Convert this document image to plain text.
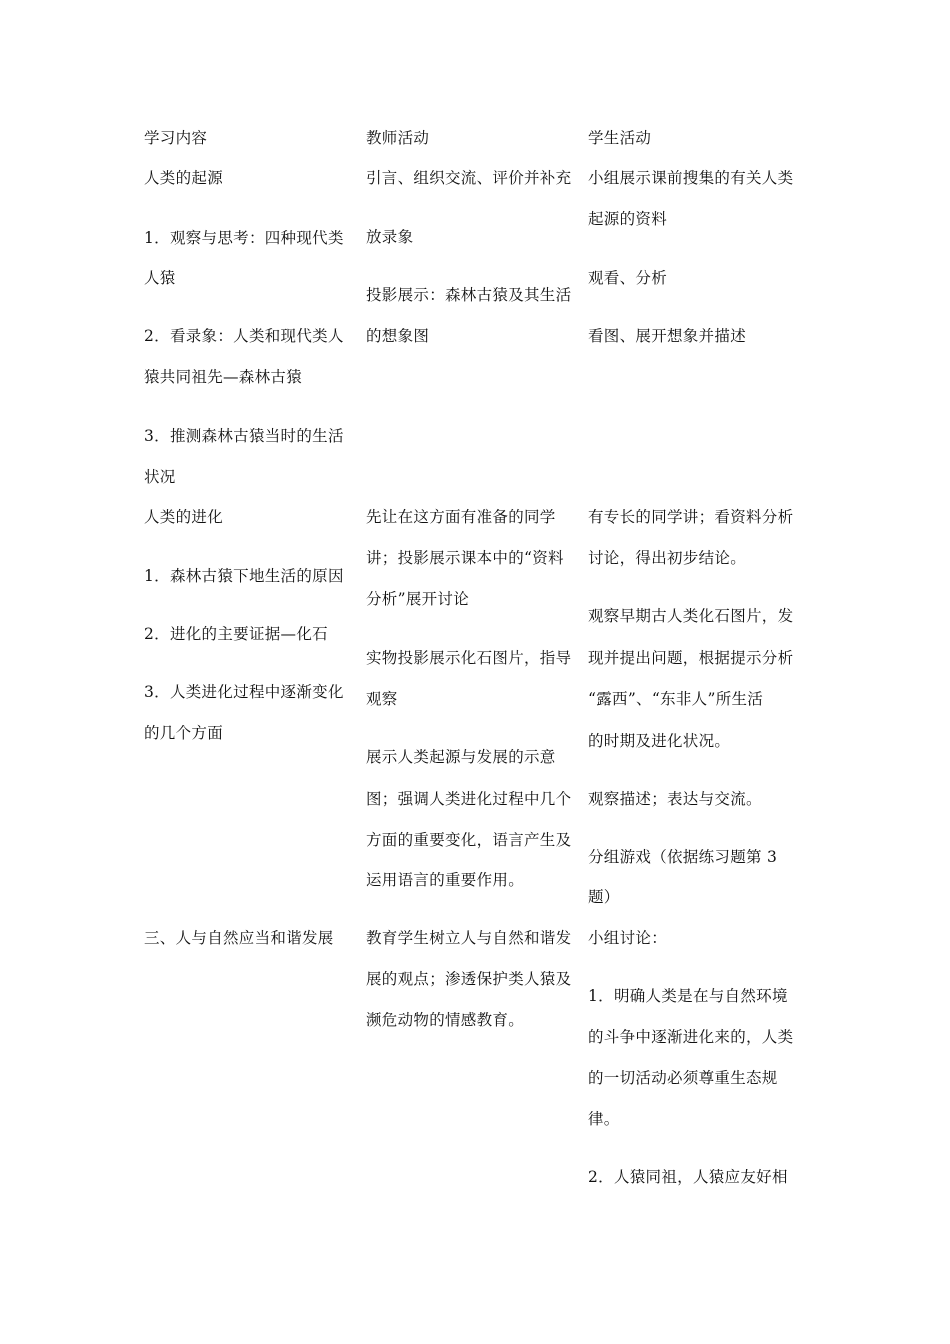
学习内容
人类的起源
1．观察与思考：四种现代类
人猿
2．看录象：人类和现代类人
猿共同祖先—森林古猿
3．推测森林古猿当时的生活
状况
人类的进化
1．森林古猿下地生活的原因
2．进化的主要证据—化石
3．人类进化过程中逐渐变化
的几个方面
三、人与自然应当和谐发展
教师活动
引言、组织交流、评价并补充
放录象
投影展示：森林古猿及其生活
的想象图
先让在这方面有准备的同学
讲；投影展示课本中的“资料
分析”展开讨论
实物投影展示化石图片，指导
观察
展示人类起源与发展的示意
图；强调人类进化过程中几个
方面的重要变化，语言产生及
运用语言的重要作用。
教育学生树立人与自然和谐发
展的观点；渗透保护类人猿及
濒危动物的情感教育。
学生活动
小组展示课前搜集的有关人类
起源的资料
观看、分析
看图、展开想象并描述
有专长的同学讲；看资料分析
讨论，得出初步结论。
观察早期古人类化石图片，发
现并提出问题，根据提示分析
“露西”、“东非人”所生活
的时期及进化状况。
观察描述；表达与交流。
分组游戏（依据练习题第 3
题）
小组讨论：
1．明确人类是在与自然环境
的斗争中逐渐进化来的，人类
的一切活动必须尊重生态规
律。
2．人猿同祖，人猿应友好相
